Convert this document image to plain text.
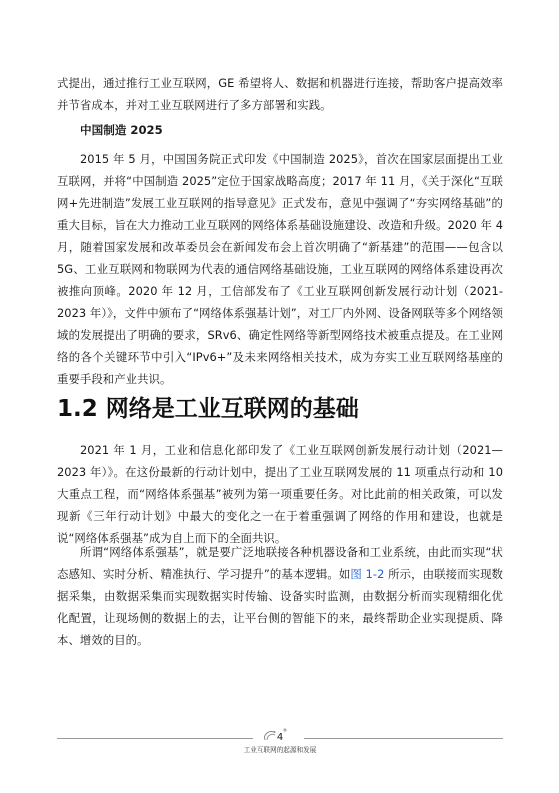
式提出，通过推行工业互联网，GE 希望将人、数据和机器进行连接，帮助客户提高效率并节省成本，并对工业互联网进行了多方部署和实践。

中国制造 2025

2015 年 5 月，中国国务院正式印发《中国制造 2025》，首次在国家层面提出工业互联网，并将“中国制造 2025”定位于国家战略高度；2017 年 11 月，《关于深化“互联网+先进制造”发展工业互联网的指导意见》正式发布，意见中强调了“夯实网络基础”的重大目标，旨在大力推动工业互联网的网络体系基础设施建设、改造和升级。2020 年 4 月，随着国家发展和改革委员会在新闻发布会上首次明确了“新基建”的范围——包含以 5G、工业互联网和物联网为代表的通信网络基础设施，工业互联网的网络体系建设再次被推向顶峰。2020 年 12 月，工信部发布了《工业互联网创新发展行动计划（2021-2023 年）》，文件中颁布了“网络体系强基计划”，对工厂内外网、设备网联等多个网络领域的发展提出了明确的要求，SRv6、确定性网络等新型网络技术被重点提及。在工业网络的各个关键环节中引入“IPv6+”及未来网络相关技术，成为夯实工业互联网络基座的重要手段和产业共识。

1.2 网络是工业互联网的基础

2021 年 1 月，工业和信息化部印发了《工业互联网创新发展行动计划（2021—2023 年）》。在这份最新的行动计划中，提出了工业互联网发展的 11 项重点行动和 10 大重点工程，而“网络体系强基”被列为第一项重要任务。对比此前的相关政策，可以发现新《三年行动计划》中最大的变化之一在于着重强调了网络的作用和建设，也就是说“网络体系强基”成为自上而下的全面共识。

所谓“网络体系强基”，就是要广泛地联接各种机器设备和工业系统，由此而实现“状态感知、实时分析、精准执行、学习提升”的基本逻辑。如图 1-2 所示，由联接而实现数据采集，由数据采集而实现数据实时传输、设备实时监测，由数据分析而实现精细化优化配置，让现场侧的数据上的去，让平台侧的智能下的来，最终帮助企业实现提质、降本、增效的目的。

4
工业互联网的起源和发展
